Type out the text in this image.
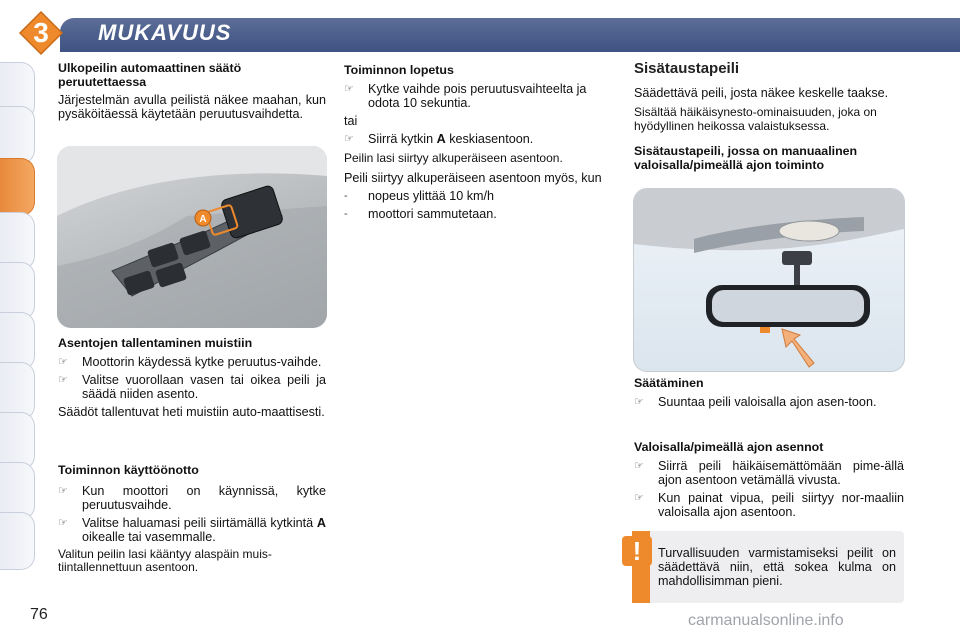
3	MUKAVUUS
Ulkopeilin automaattinen säätö peruutettaessa

Järjestelmän avulla peilistä näkee maahan, kun pysäköitäessä käytetään peruutusvaihdetta.

A
Asentojen tallentaminen muistiin
☞	Moottorin käydessä kytke peruutus-vaihde.
☞	Valitse vuorollaan vasen tai oikea peili ja säädä niiden asento.

Säädöt tallentuvat heti muistiin auto-maattisesti.

Toiminnon käyttöönotto
☞	Kun moottori on käynnissä, kytke peruutusvaihde.
☞	Valitse haluamasi peili siirtämällä kytkintä A oikealle tai vasemmalle.

Valitun peilin lasi kääntyy alaspäin muis-tiintallennettuun asentoon.

Toiminnon lopetus
☞	Kytke vaihde pois peruutusvaihteelta ja odota 10 sekuntia.

tai

☞	Siirrä kytkin A keskiasentoon.

Peilin lasi siirtyy alkuperäiseen asentoon.

Peili siirtyy alkuperäiseen asentoon myös, kun

-	nopeus ylittää 10 km/h
-	moottori sammutetaan.
Sisätaustapeili

Säädettävä peili, josta näkee keskelle taakse.

Sisältää häikäisynesto-ominaisuuden, joka on hyödyllinen heikossa valaistuksessa.

Sisätaustapeili, jossa on manuaalinen valoisalla/pimeällä ajon toiminto
Säätäminen
☞	Suuntaa peili valoisalla ajon asen-toon.
Valoisalla/pimeällä ajon asennot
☞	Siirrä peili häikäisemättömään pime-ällä ajon asentoon vetämällä vivusta.
☞	Kun painat vipua, peili siirtyy nor-maaliin valoisalla ajon asentoon.
!	Turvallisuuden varmistamiseksi peilit on säädettävä niin, että sokea kulma on mahdollisimman pieni.
76	carmanualsonline.info
